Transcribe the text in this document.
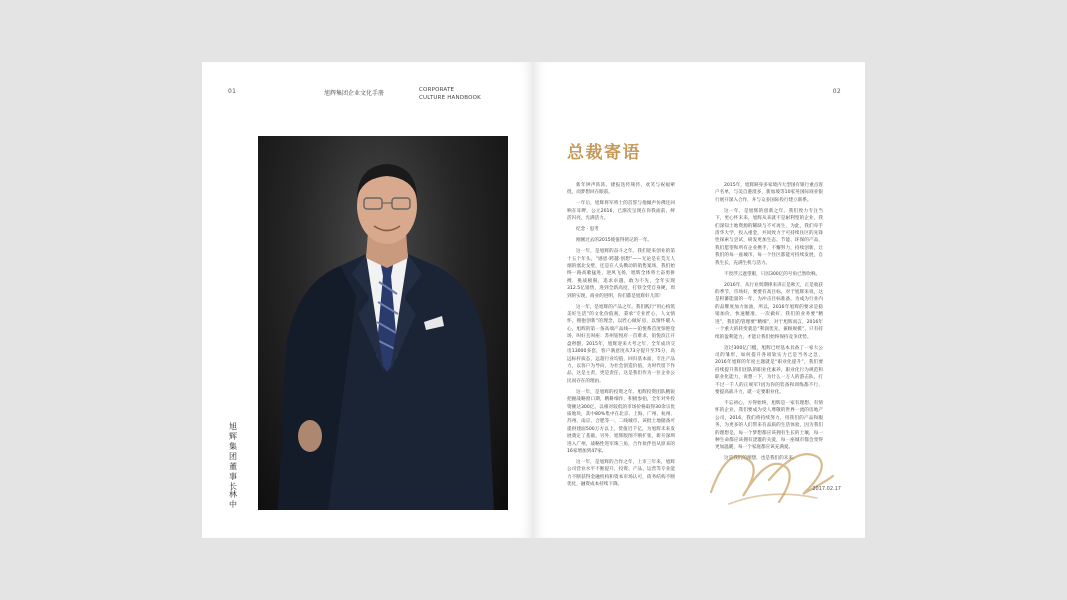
01	旭辉集团企业文化手册	CORPORATE
CULTURE HANDBOOK
旭辉集团董事长
林中
02
总裁寄语

新年钟声阵阵，捷报迭传频传，欢笑与祝福萦绕，而梦想回在眼前。

一年后，旭辉将军将士的首誓与他倾声仿佛还回响在耳畔，公元2016，已渐次呈现在你我面前，鲜活闪亮，光满活力。

纪念 · 思考

刚刚过去的2015使值得铭记的一年。

这一年，是旭辉的奋斗之年。我们迎来创业的第十五个年头，“感恩·跨越·创想”——无论是在荒无人烟的塞北戈壁，还是在人头攒动的销售案场，我们始终一路高歌猛进，逆风飞扬，旭辉全体将士奋勇拼搏，挑战极限，追求卓越，敢为不先，全年实现312.5亿销售，进到全新高度，打铁全凭自身硬，周到的实现，商业的进明，你们都是旭辉好儿郎！

这一年，是旭辉的产品之年。我们践行“用心构筑美好生活”的文化价值观，秉承“专业匠心，人文情怀，拥抱创新”的理念，以匠心做好房，以情怀暖人心，旭辉的第一条高端产品线——铂悦系首度惊艳登场，叫好且叫座：苏州铂悦府一首难求，铂悦滨江开盘秒罄，2015年，旭辉迎来大考之年，全年成功交房13000多套，客户满意度从73分提升至75分，高远标杆质态，远超行业均值，回归基本面，专注产品力，以客户为导向，为社会创造价值，为时代留下作品，这是主责，更是责任，这是我们作为一位企业公民而存在的理由。

这一年，是旭辉的投资之年。旭辉投资团队精锐把握战略窗口期，精耕细作，积极参拍，全年对外投资额达300亿，以相对较低的市场价格取得30余宗优质地块，其中80%集中在北京、上海、广州、杭州、苏州、南京、合肥等一、二线城市，该批土地储备可提供建面500万方以上，货值近千亿，为旭辉未来发展奠定了基础，另外，旭辉版图不断扩张，新开深圳进入广州，战略性进军珠三角，合作伙伴也从原来的16家增加到47家。

这一年，是旭辉的合作之年，上市三年来，旭辉公司营业水平不断提升，投资、产品、运营等专业能力不断获得金融机构和资本市场认可，债务结构不断优化，融资成本持续下降。

2015年，旭辉跻身多家境内大型国有银行重点客户名单，与美自港澄多，新加坡等10家英国际商业银行展开深入合作，并与众多国际投行建立联系。

这一年，是旭辉的创新之年。我们致力专注当下，更心怀未来，旭辉从来就不是耐利型的企业，我们深知土地资源的稀缺与不可再生，为此，我们牵手清华大学，投入重金，共同致力于可持续住区的先锋性探索与尝试，研发更加生态、节能、环保的产品，我们愿望和所有企业携手，不懈努力，持续创新，让我们的每一座城市、每一个住区都能可持续发展，自我生长，充满生机与活力。

不畏浮云遮望眼，只因300亿的号角已然吹响。

2016年，从行业周期律来讲正是秋天，正是收获的季节，市场好，要要有高目标，对于旭辉来说，这是积蓄能量的一年，为冲击目标准备，为成为行业内的品牌度加力加油，所以，2016年旭辉的要求是稳销加价，快速精准，一次做好，我们的业务要“精进”，我们的管理要“精细”，对于旭辉而言，2016年一个重大的转变就是“利润优先，兼顾规模”，只有持续的盈利能力，才能让我们始终保持竞争优势。

迈过300亿门槛，旭辉已经基本具备了一家大公司的雏形，如何提升各项软实力已是当务之急，2016年旭辉的年度主题就是“职业化提升”，我们要持续提升我们团队的职业化素养，职业化行为规范和职业化能力，说想一下，为什么一万人的游击队，打不过一千人的正规军?因为你的装备和训练都不行，要提高战斗力，就一定要职业化。

不忘初心，方得始终，旭辉是一家有理想、有情怀的企业，我们要成为受人尊敬的世界一流的房地产公司，2016，我们将持续努力，用我们的产品和服务，为更多的人们带来有品质的生活体验，因为我们的理想是，每一个梦想都应该拥有生长的土壤，每一种生命都应该拥有浇灌的关爱，每一座城市都会变得更加温暖，每一个家庭都应该充满爱。

这是我们的理想，也是我们的未来。

2017.02.17
